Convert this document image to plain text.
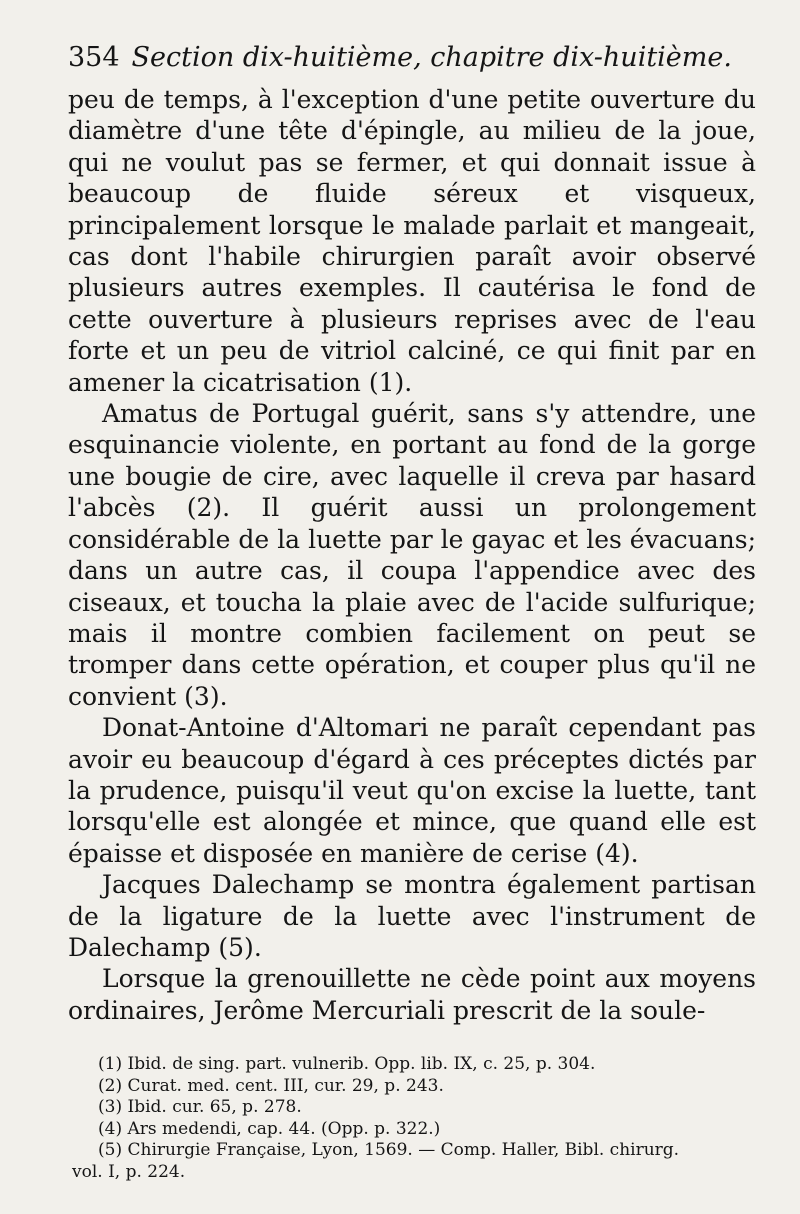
354 Section dix-huitième, chapitre dix-huitième.

peu de temps, à l'exception d'une petite ouverture du diamètre d'une tête d'épingle, au milieu de la joue, qui ne voulut pas se fermer, et qui donnait issue à beaucoup de fluide séreux et visqueux, principalement lorsque le malade parlait et mangeait, cas dont l'habile chirurgien paraît avoir observé plusieurs autres exemples. Il cautérisa le fond de cette ouverture à plusieurs reprises avec de l'eau forte et un peu de vitriol calciné, ce qui finit par en amener la cicatrisation (1).

Amatus de Portugal guérit, sans s'y attendre, une esquinancie violente, en portant au fond de la gorge une bougie de cire, avec laquelle il creva par hasard l'abcès (2). Il guérit aussi un prolongement considérable de la luette par le gayac et les évacuans; dans un autre cas, il coupa l'appendice avec des ciseaux, et toucha la plaie avec de l'acide sulfurique; mais il montre combien facilement on peut se tromper dans cette opération, et couper plus qu'il ne convient (3).

Donat-Antoine d'Altomari ne paraît cependant pas avoir eu beaucoup d'égard à ces préceptes dictés par la prudence, puisqu'il veut qu'on excise la luette, tant lorsqu'elle est alongée et mince, que quand elle est épaisse et disposée en manière de cerise (4).

Jacques Dalechamp se montra également partisan de la ligature de la luette avec l'instrument de Dalechamp (5).

Lorsque la grenouillette ne cède point aux moyens ordinaires, Jerôme Mercuriali prescrit de la soule-

(1) Ibid. de sing. part. vulnerib. Opp. lib. IX, c. 25, p. 304.

(2) Curat. med. cent. III, cur. 29, p. 243.

(3) Ibid. cur. 65, p. 278.

(4) Ars medendi, cap. 44. (Opp. p. 322.)

(5) Chirurgie Française, Lyon, 1569. — Comp. Haller, Bibl. chirurg.

vol. I, p. 224.
